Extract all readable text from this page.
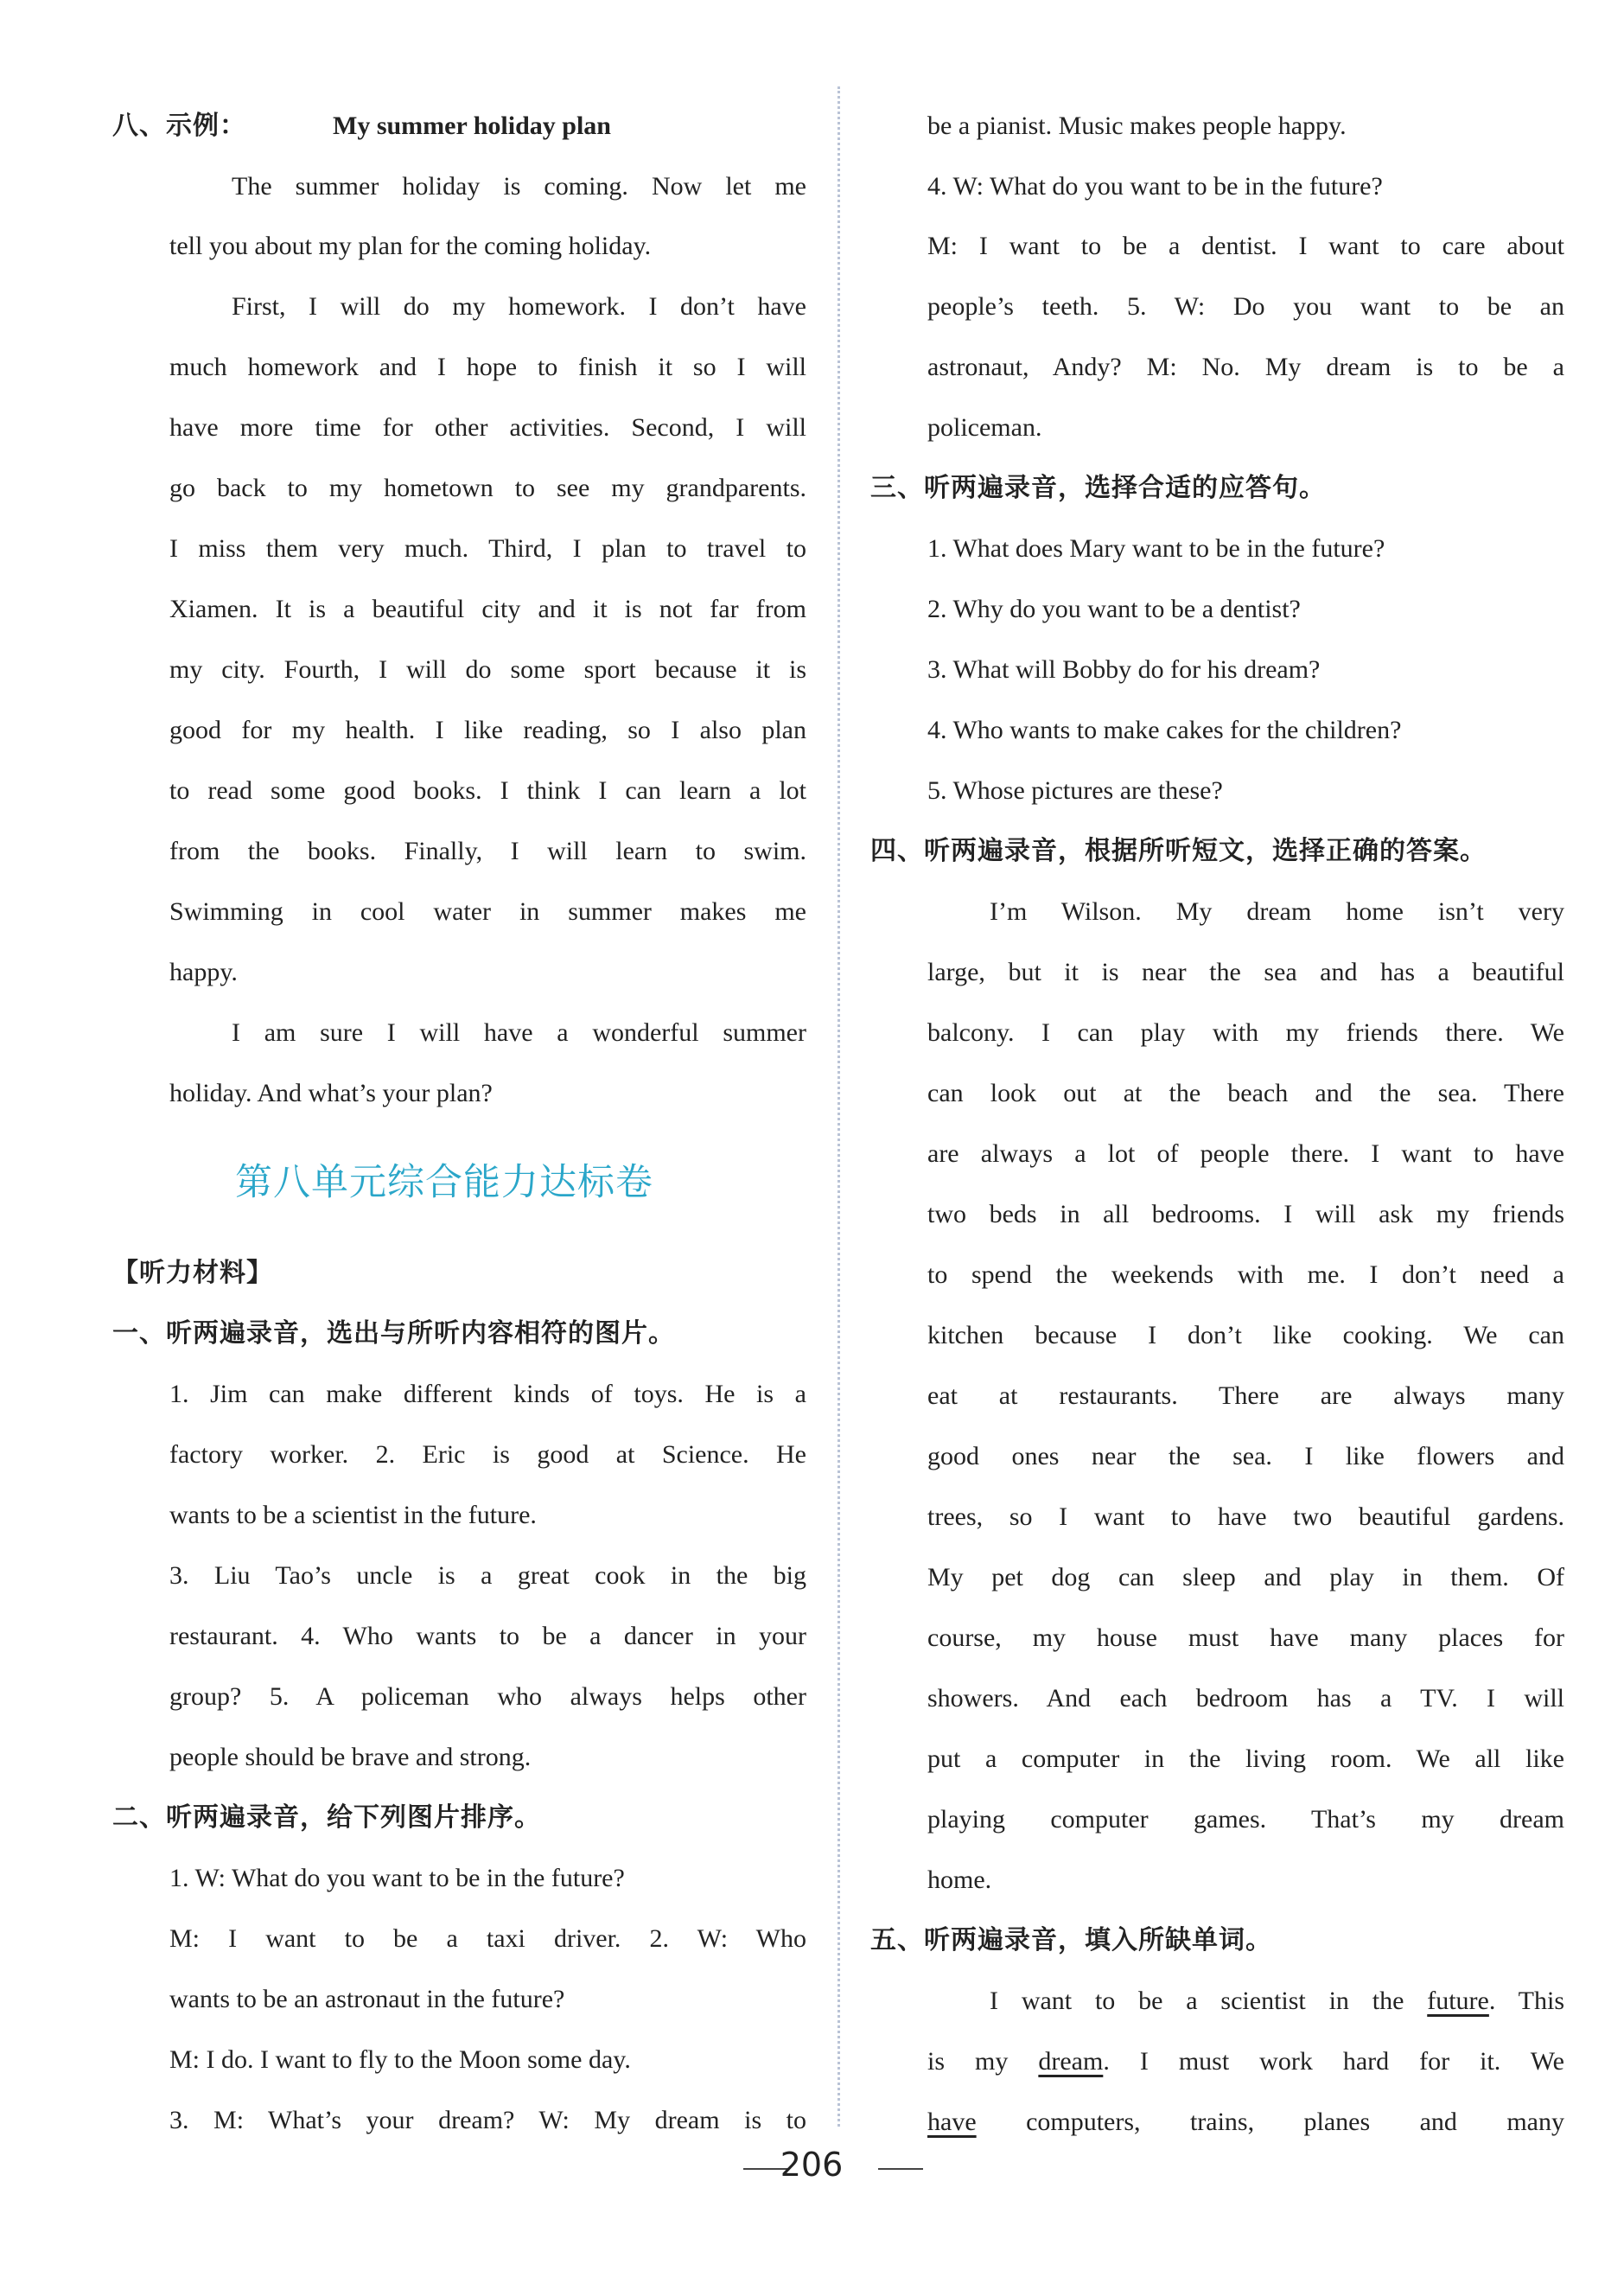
八、示例：	My summer holiday plan

The summer holiday is coming. Now let me

tell you about my plan for the coming holiday.

First, I will do my homework. I don’t have

much homework and I hope to finish it so I will

have more time for other activities. Second, I will

go back to my hometown to see my grandparents.

I miss them very much. Third, I plan to travel to

Xiamen. It is a beautiful city and it is not far from

my city. Fourth, I will do some sport because it is

good for my health. I like reading, so I also plan

to read some good books. I think I can learn a lot

from the books. Finally, I will learn to swim.

Swimming in cool water in summer makes me

happy.

I am sure I will have a wonderful summer

holiday. And what’s your plan?

第八单元综合能力达标卷

【听力材料】

一、听两遍录音，选出与所听内容相符的图片。

1. Jim can make different kinds of toys. He is a

factory worker. 2. Eric is good at Science. He

wants to be a scientist in the future.

3. Liu Tao’s uncle is a great cook in the big

restaurant. 4. Who wants to be a dancer in your

group? 5. A policeman who always helps other

people should be brave and strong.

二、听两遍录音，给下列图片排序。

1. W: What do you want to be in the future?

M: I want to be a taxi driver. 2. W: Who

wants to be an astronaut in the future?

M: I do. I want to fly to the Moon some day.

3. M: What’s your dream? W: My dream is to

be a pianist. Music makes people happy.

4. W: What do you want to be in the future?

M: I want to be a dentist. I want to care about

people’s teeth. 5. W: Do you want to be an

astronaut, Andy? M: No. My dream is to be a

policeman.

三、听两遍录音，选择合适的应答句。

1. What does Mary want to be in the future?

2. Why do you want to be a dentist?

3. What will Bobby do for his dream?

4. Who wants to make cakes for the children?

5. Whose pictures are these?

四、听两遍录音，根据所听短文，选择正确的答案。

I’m Wilson. My dream home isn’t very

large, but it is near the sea and has a beautiful

balcony. I can play with my friends there. We

can look out at the beach and the sea. There

are always a lot of people there. I want to have

two beds in all bedrooms. I will ask my friends

to spend the weekends with me. I don’t need a

kitchen because I don’t like cooking. We can

eat at restaurants. There are always many

good ones near the sea. I like flowers and

trees, so I want to have two beautiful gardens.

My pet dog can sleep and play in them. Of

course, my house must have many places for

showers. And each bedroom has a TV. I will

put a computer in the living room. We all like

playing computer games. That’s my dream

home.

五、听两遍录音，填入所缺单词。

I want to be a scientist in the future. This

is my dream. I must work hard for it. We

have computers, trains, planes and many

206
